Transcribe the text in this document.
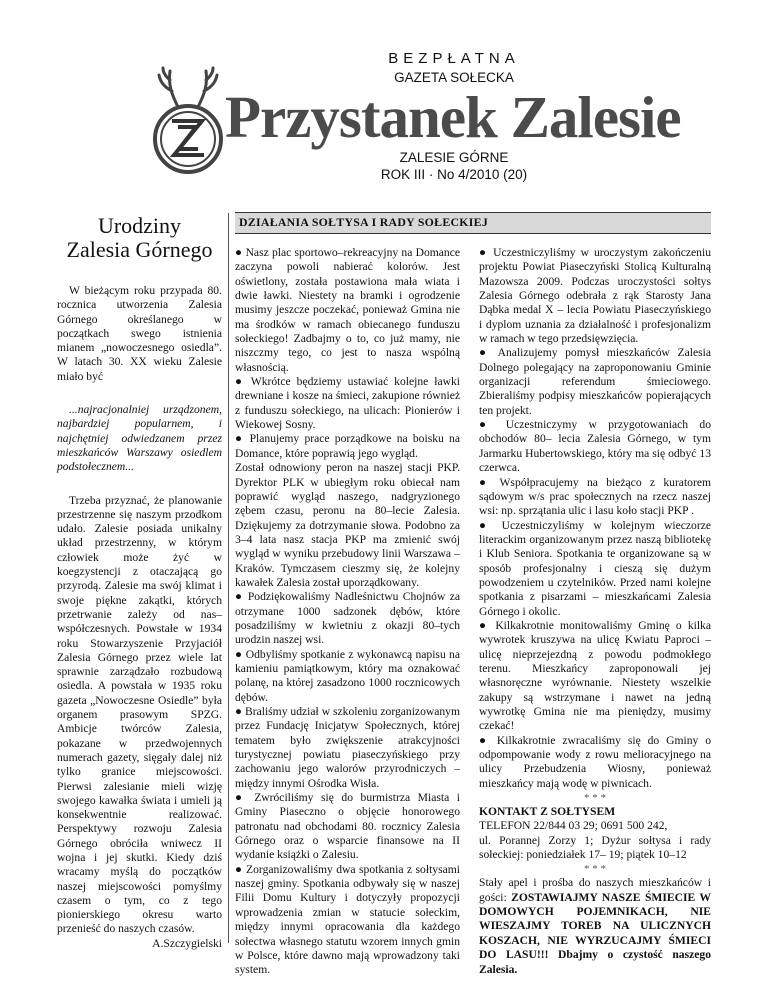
BEZPŁATNA
GAZETA SOŁECKA
Przystanek Zalesie
ZALESIE GÓRNE
ROK III · No 4/2010 (20)
Urodziny
Zalesia Górnego

W bieżącym roku przypada 80. rocznica utworzenia Zalesia Górnego określanego w początkach swego istnienia mianem „nowoczesnego osiedla”. W latach 30. XX wieku Zalesie miało być

...najracjonalniej urządzonem, najbardziej popularnem, i najchętniej odwiedzanem przez mieszkańców Warszawy osiedlem podstołecznem...

Trzeba przyznać, że planowanie przestrzenne się naszym przodkom udało. Zalesie posiada unikalny układ przestrzenny, w którym człowiek może żyć w koegzystencji z otaczającą go przyrodą. Zalesie ma swój klimat i swoje piękne zakątki, których przetrwanie zależy od nas– współczesnych. Powstałe w 1934 roku Stowarzyszenie Przyjaciół Zalesia Górnego przez wiele lat sprawnie zarządzało rozbudową osiedla. A powstała w 1935 roku gazeta „Nowoczesne Osiedle” była organem prasowym SPZG. Ambicje twórców Zalesia, pokazane w przedwojennych numerach gazety, sięgały dalej niż tylko granice miejscowości. Pierwsi zalesianie mieli wizję swojego kawałka świata i umieli ją konsekwentnie realizować. Perspektywy rozwoju Zalesia Górnego obróciła wniwecz II wojna i jej skutki. Kiedy dziś wracamy myślą do początków naszej miejscowości pomyślmy czasem o tym, co z tego pionierskiego okresu warto przenieść do naszych czasów.

A.Szczygielski

DZIAŁANIA SOŁTYSA I RADY SOŁECKIEJ

● Nasz plac sportowo–rekreacyjny na Domance zaczyna powoli nabierać kolorów. Jest oświetlony, została postawiona mała wiata i dwie ławki. Niestety na bramki i ogrodzenie musimy jeszcze poczekać, ponieważ Gmina nie ma środków w ramach obiecanego funduszu sołeckiego! Zadbajmy o to, co już mamy, nie niszczmy tego, co jest to nasza wspólną własnością.

● Wkrótce będziemy ustawiać kolejne ławki drewniane i kosze na śmieci, zakupione również z funduszu sołeckiego, na ulicach: Pionierów i Wiekowej Sosny.

● Planujemy prace porządkowe na boisku na Domance, które poprawią jego wygląd.

Został odnowiony peron na naszej stacji PKP. Dyrektor PLK w ubiegłym roku obiecał nam poprawić wygląd naszego, nadgryzionego zębem czasu, peronu na 80–lecie Zalesia. Dziękujemy za dotrzymanie słowa. Podobno za 3–4 lata nasz stacja PKP ma zmienić swój wygląd w wyniku przebudowy linii Warszawa –Kraków. Tymczasem cieszmy się, że kolejny kawałek Zalesia został uporządkowany.

● Podziękowaliśmy Nadleśnictwu Chojnów za otrzymane 1000 sadzonek dębów, które posadziliśmy w kwietniu z okazji 80–tych urodzin naszej wsi.

● Odbyliśmy spotkanie z wykonawcą napisu na kamieniu pamiątkowym, który ma oznakować polanę, na której zasadzono 1000 rocznicowych dębów.

● Braliśmy udział w szkoleniu zorganizowanym przez Fundację Inicjatyw Społecznych, której tematem było zwiększenie atrakcyjności turystycznej powiatu piaseczyńskiego przy zachowaniu jego walorów przyrodniczych – między innymi Ośrodka Wisła.

● Zwróciliśmy się do burmistrza Miasta i Gminy Piaseczno o objęcie honorowego patronatu nad obchodami 80. rocznicy Zalesia Górnego oraz o wsparcie finansowe na II wydanie książki o Zalesiu.

● Zorganizowaliśmy dwa spotkania z sołtysami naszej gminy. Spotkania odbywały się w naszej Filii Domu Kultury i dotyczyły propozycji wprowadzenia zmian w statucie sołeckim, między innymi opracowania dla każdego sołectwa własnego statutu wzorem innych gmin w Polsce, które dawno mają wprowadzony taki system.

● Uczestniczyliśmy w uroczystym zakończeniu projektu Powiat Piaseczyński Stolicą Kulturalną Mazowsza 2009. Podczas uroczystości sołtys Zalesia Górnego odebrała z rąk Starosty Jana Dąbka medal X – lecia Powiatu Piaseczyńskiego i dyplom uznania za działalność i profesjonalizm w ramach w tego przedsięwzięcia.

● Analizujemy pomysł mieszkańców Zalesia Dolnego polegający na zaproponowaniu Gminie organizacji referendum śmieciowego. Zbieraliśmy podpisy mieszkańców popierających ten projekt.

● Uczestniczymy w przygotowaniach do obchodów 80– lecia Zalesia Górnego, w tym Jarmarku Hubertowskiego, który ma się odbyć 13 czerwca.

● Współpracujemy na bieżąco z kuratorem sądowym w/s prac społecznych na rzecz naszej wsi: np. sprzątania ulic i lasu koło stacji PKP .

● Uczestniczyliśmy w kolejnym wieczorze literackim organizowanym przez naszą bibliotekę i Klub Seniora. Spotkania te organizowane są w sposób profesjonalny i cieszą się dużym powodzeniem u czytelników. Przed nami kolejne spotkania z pisarzami – mieszkańcami Zalesia Górnego i okolic.

● Kilkakrotnie monitowaliśmy Gminę o kilka wywrotek kruszywa na ulicę Kwiatu Paproci – ulicę nieprzejezdną z powodu podmokłego terenu. Mieszkańcy zaproponowali jej własnoręczne wyrównanie. Niestety wszelkie zakupy są wstrzymane i nawet na jedną wywrotkę Gmina nie ma pieniędzy, musimy czekać!

● Kilkakrotnie zwracaliśmy się do Gminy o odpompowanie wody z rowu melioracyjnego na ulicy Przebudzenia Wiosny, ponieważ mieszkańcy mają wodę w piwnicach.

* * *

KONTAKT Z SOŁTYSEM

TELEFON 22/844 03 29; 0691 500 242,

ul. Porannej Zorzy 1; Dyżur sołtysa i rady sołeckiej: poniedziałek 17– 19; piątek 10–12

* * *

Stały apel i prośba do naszych mieszkańców i gości: ZOSTAWIAJMY NASZE ŚMIECIE W DOMOWYCH POJEMNIKACH, NIE WIESZAJMY TOREB NA ULICZNYCH KOSZACH, NIE WYRZUCAJMY ŚMIECI DO LASU!!! Dbajmy o czystość naszego Zalesia.
